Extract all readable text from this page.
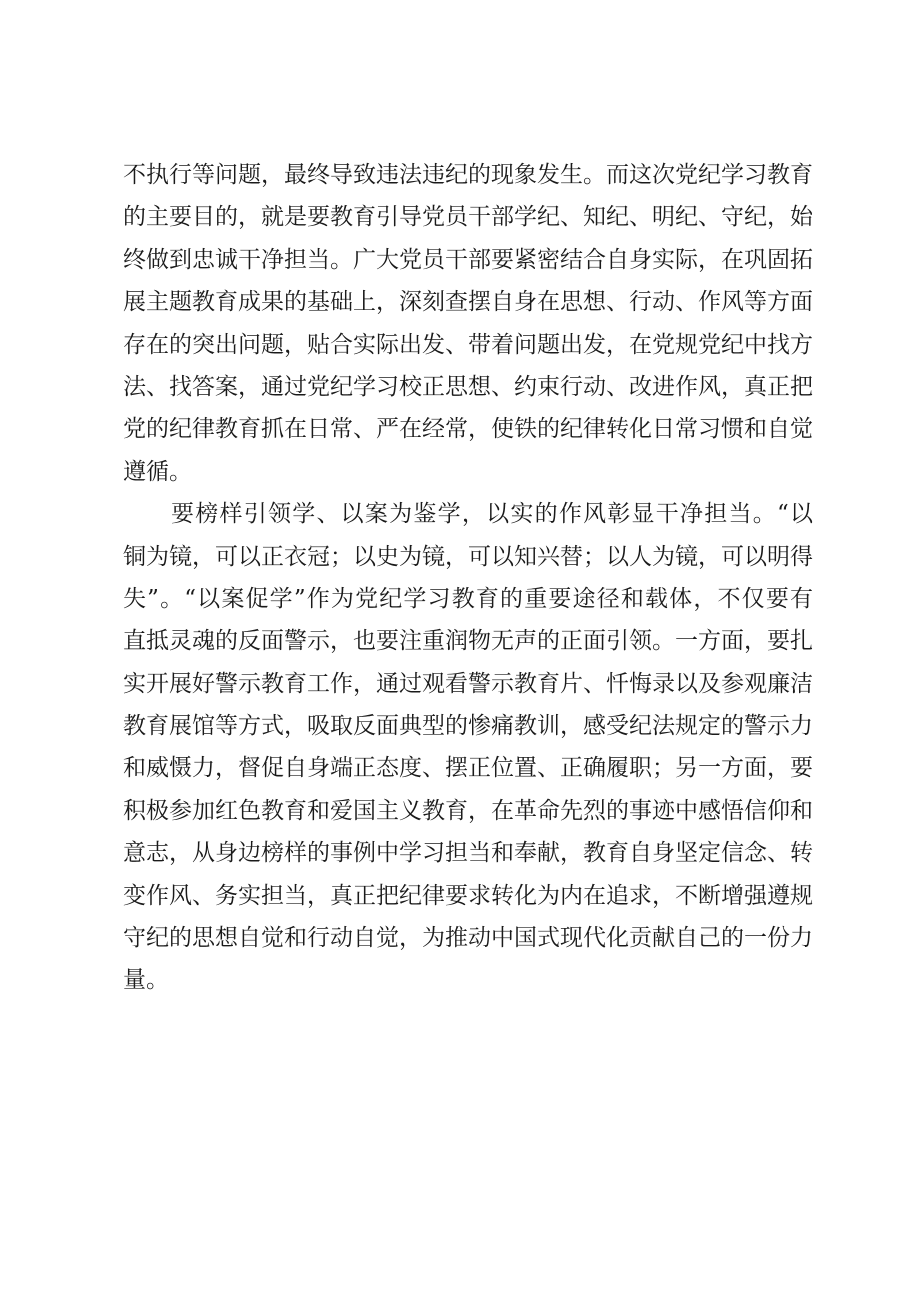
不执行等问题，最终导致违法违纪的现象发生。而这次党纪学习教育
的主要目的，就是要教育引导党员干部学纪、知纪、明纪、守纪，始
终做到忠诚干净担当。广大党员干部要紧密结合自身实际，在巩固拓
展主题教育成果的基础上，深刻查摆自身在思想、行动、作风等方面
存在的突出问题，贴合实际出发、带着问题出发，在党规党纪中找方
法、找答案，通过党纪学习校正思想、约束行动、改进作风，真正把
党的纪律教育抓在日常、严在经常，使铁的纪律转化日常习惯和自觉
遵循。
要榜样引领学、以案为鉴学，以实的作风彰显干净担当。“以
铜为镜，可以正衣冠；以史为镜，可以知兴替；以人为镜，可以明得
失”。“以案促学”作为党纪学习教育的重要途径和载体，不仅要有
直抵灵魂的反面警示，也要注重润物无声的正面引领。一方面，要扎
实开展好警示教育工作，通过观看警示教育片、忏悔录以及参观廉洁
教育展馆等方式，吸取反面典型的惨痛教训，感受纪法规定的警示力
和威慑力，督促自身端正态度、摆正位置、正确履职；另一方面，要
积极参加红色教育和爱国主义教育，在革命先烈的事迹中感悟信仰和
意志，从身边榜样的事例中学习担当和奉献，教育自身坚定信念、转
变作风、务实担当，真正把纪律要求转化为内在追求，不断增强遵规
守纪的思想自觉和行动自觉，为推动中国式现代化贡献自己的一份力
量。
